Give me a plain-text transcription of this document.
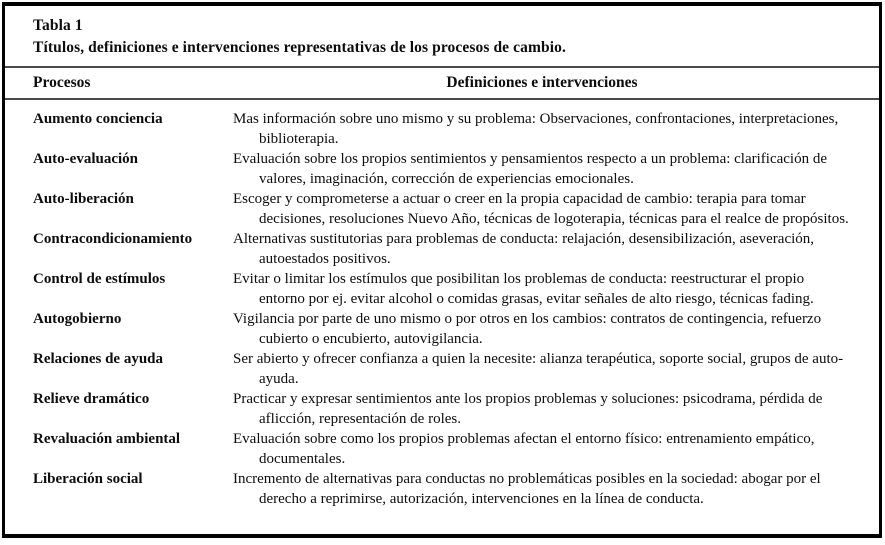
Tabla 1

Títulos, definiciones e intervenciones representativas de los procesos de cambio.

Procesos	Definiciones e intervenciones
Aumento conciencia	Mas información sobre uno mismo y su problema: Observaciones, confrontaciones, interpretaciones, biblioterapia.
Auto-evaluación	Evaluación sobre los propios sentimientos y pensamientos respecto a un problema: clarificación de valores, imaginación, corrección de experiencias emocionales.
Auto-liberación	Escoger y comprometerse a actuar o creer en la propia capacidad de cambio: terapia para tomar decisiones, resoluciones Nuevo Año, técnicas de logoterapia, técnicas para el realce de propósitos.
Contracondicionamiento	Alternativas sustitutorias para problemas de conducta: relajación, desensibilización, aseveración, autoestados positivos.
Control de estímulos	Evitar o limitar los estímulos que posibilitan los problemas de conducta: reestructurar el propio entorno por ej. evitar alcohol o comidas grasas, evitar señales de alto riesgo, técnicas fading.
Autogobierno	Vigilancia por parte de uno mismo o por otros en los cambios: contratos de contingencia, refuerzo cubierto o encubierto, autovigilancia.
Relaciones de ayuda	Ser abierto y ofrecer confianza a quien la necesite: alianza terapéutica, soporte social, grupos de auto-ayuda.
Relieve dramático	Practicar y expresar sentimientos ante los propios problemas y soluciones: psicodrama, pérdida de aflicción, representación de roles.
Revaluación ambiental	Evaluación sobre como los propios problemas afectan el entorno físico: entrenamiento empático, documentales.
Liberación social	Incremento de alternativas para conductas no problemáticas posibles en la sociedad: abogar por el derecho a reprimirse, autorización, intervenciones en la línea de conducta.
